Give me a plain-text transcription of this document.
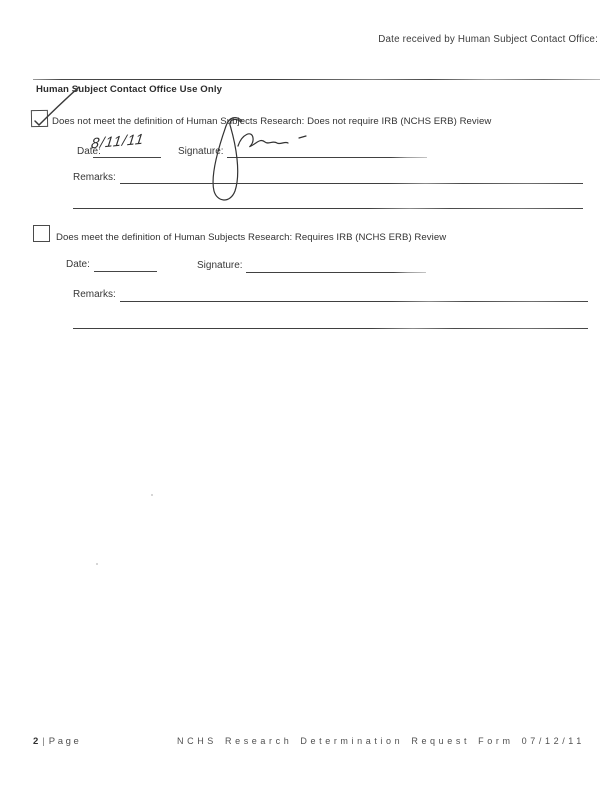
Date received by Human Subject Contact Office:
Human Subject Contact Office Use Only
Does not meet the definition of Human Subjects Research: Does not require IRB (NCHS ERB) Review
Date:
8/11/11	Signature:
Remarks:
Does meet the definition of Human Subjects Research: Requires IRB (NCHS ERB) Review
Date:	Signature:
Remarks:
2 | Page	NCHS Research Determination Request Form 07/12/11
